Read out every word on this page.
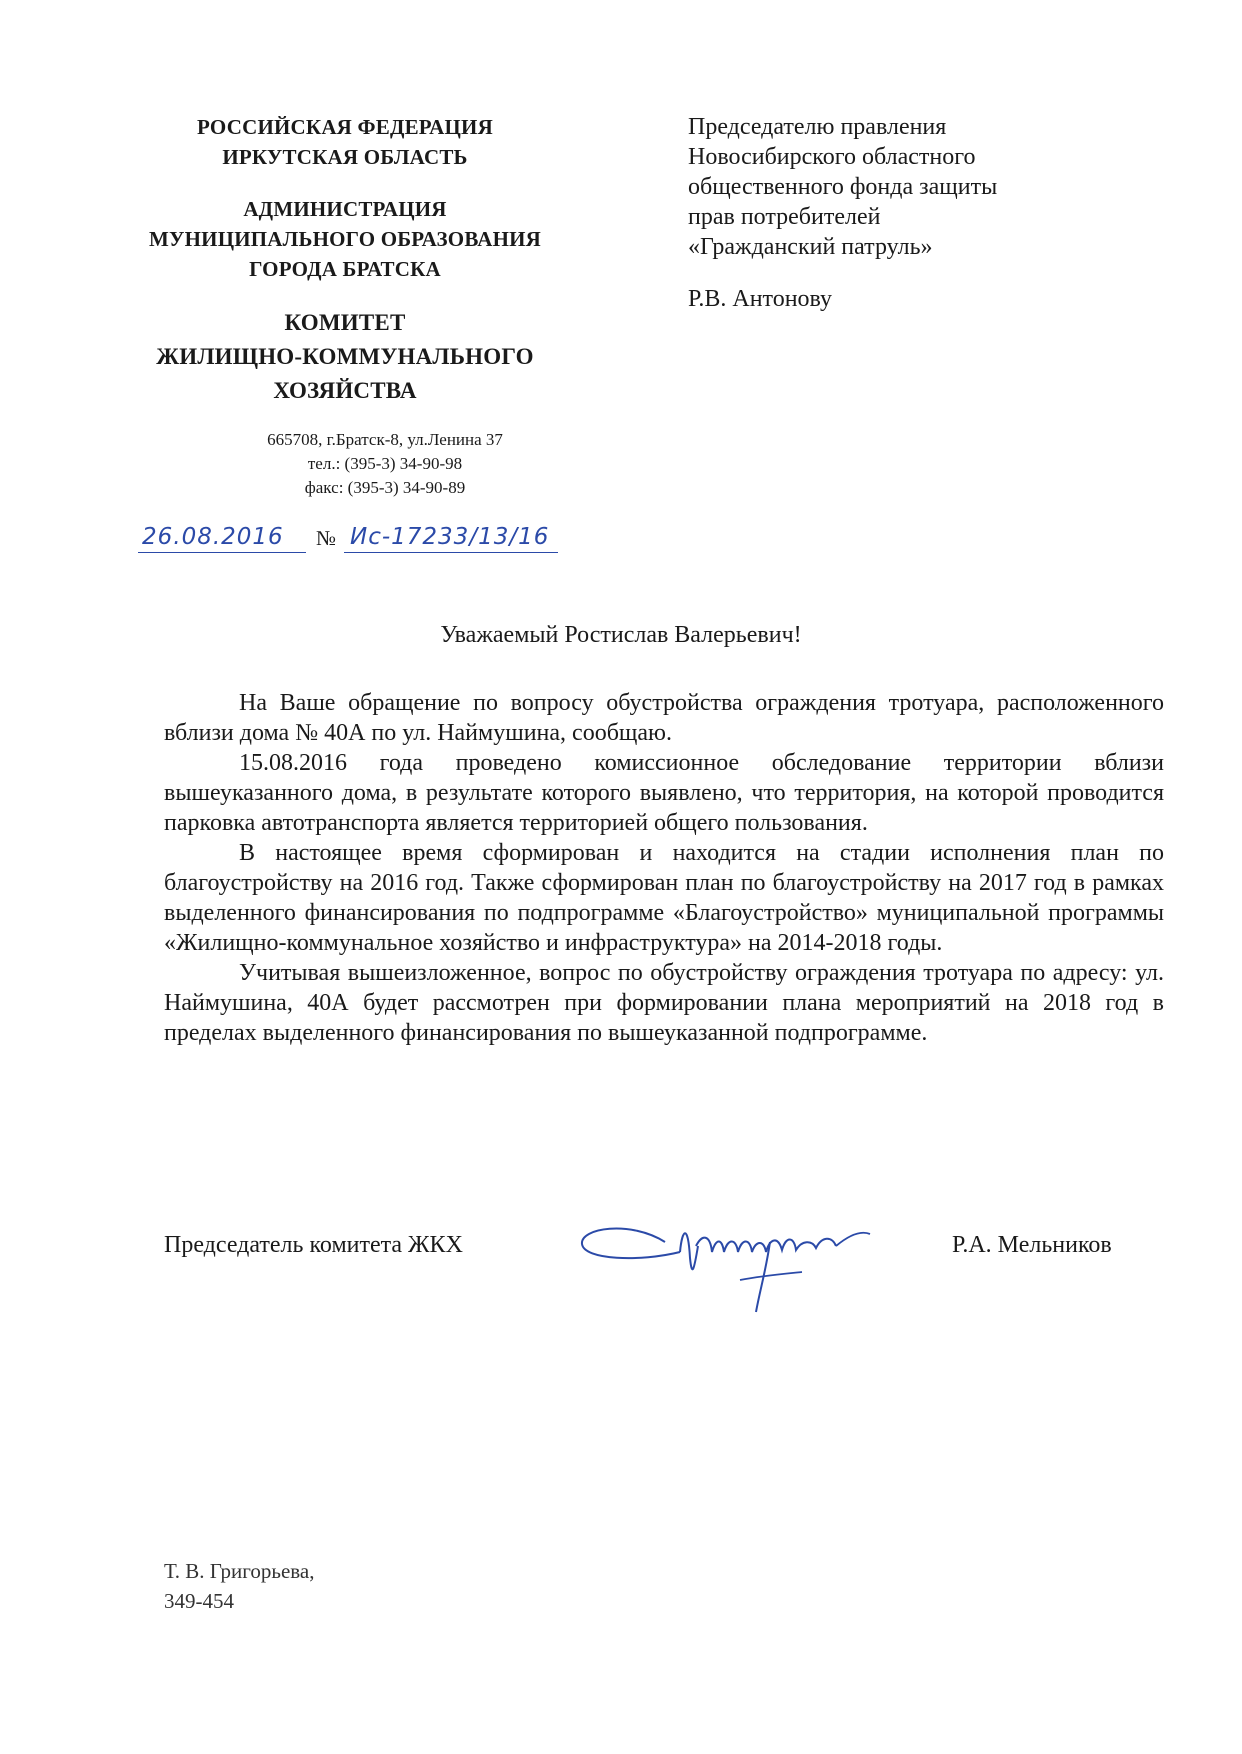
РОССИЙСКАЯ ФЕДЕРАЦИЯ
ИРКУТСКАЯ ОБЛАСТЬ
АДМИНИСТРАЦИЯ
МУНИЦИПАЛЬНОГО ОБРАЗОВАНИЯ
ГОРОДА БРАТСКА
КОМИТЕТ
ЖИЛИЩНО-КОММУНАЛЬНОГО
ХОЗЯЙСТВА
665708, г.Братск-8, ул.Ленина 37
тел.: (395-3) 34-90-98
факс: (395-3) 34-90-89
26.08.2016 № Ис-17233/13/16
Председателю правления
Новосибирского областного
общественного фонда защиты
прав потребителей
«Гражданский патруль»
Р.В. Антонову
Уважаемый Ростислав Валерьевич!

На Ваше обращение по вопросу обустройства ограждения тротуара, расположенного вблизи дома № 40А по ул. Наймушина, сообщаю.

15.08.2016 года проведено комиссионное обследование территории вблизи вышеуказанного дома, в результате которого выявлено, что территория, на которой проводится парковка автотранспорта является территорией общего пользования.

В настоящее время сформирован и находится на стадии исполнения план по благоустройству на 2016 год. Также сформирован план по благоустройству на 2017 год в рамках выделенного финансирования по подпрограмме «Благоустройство» муниципальной программы «Жилищно-коммунальное хозяйство и инфраструктура» на 2014-2018 годы.

Учитывая вышеизложенное, вопрос по обустройству ограждения тротуара по адресу: ул. Наймушина, 40А будет рассмотрен при формировании плана мероприятий на 2018 год в пределах выделенного финансирования по вышеуказанной подпрограмме.

Председатель комитета ЖКХ	Р.А. Мельников
Т. В. Григорьева,
349-454
